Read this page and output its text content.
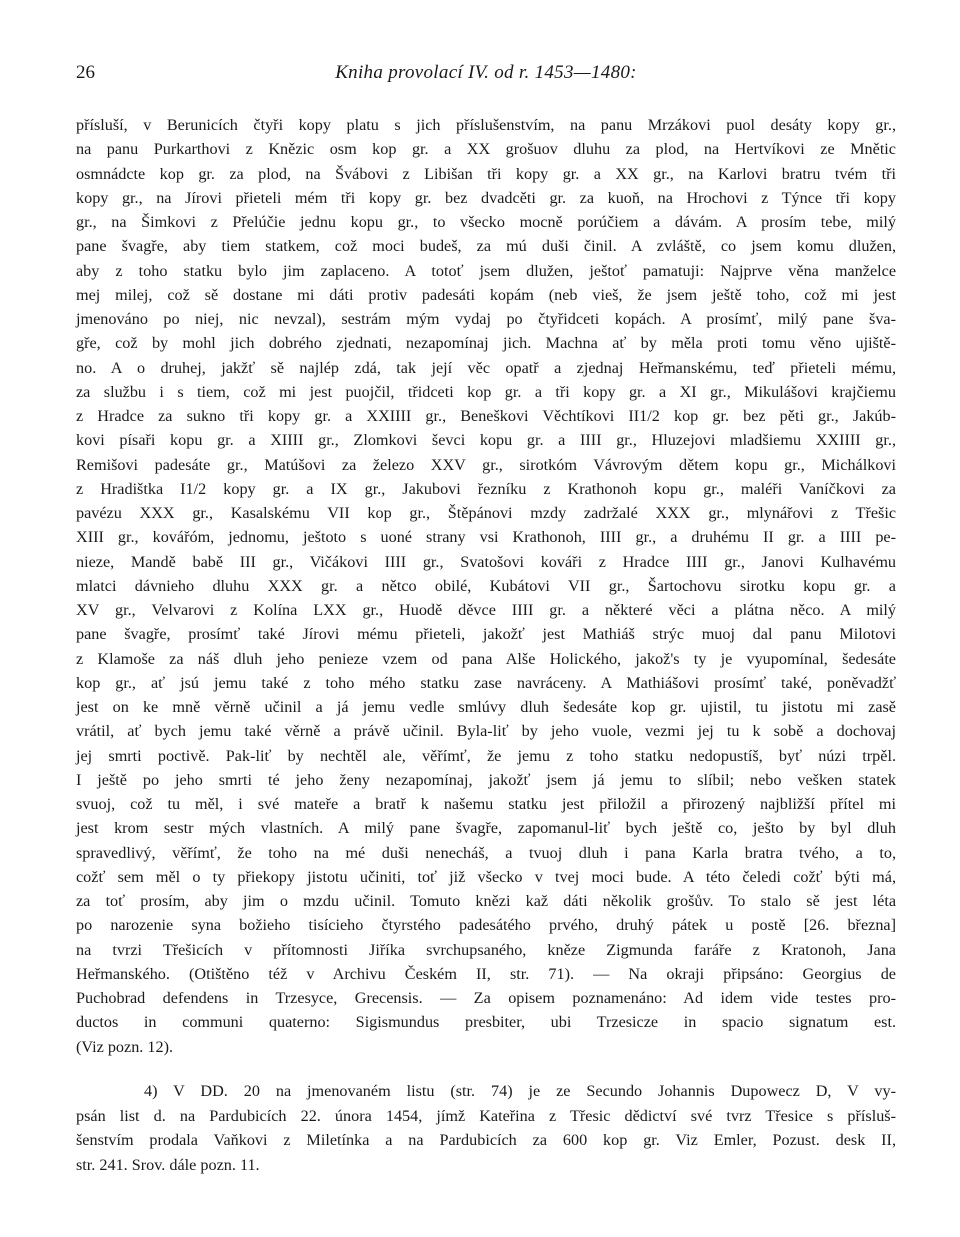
26	Kniha provolací IV. od r. 1453—1480:
přísluší, v Berunicích čtyři kopy platu s jich příslušenstvím, na panu Mrzákovi puol desáty kopy gr.,
na panu Purkarthovi z Knězic osm kop gr. a XX grošuov dluhu za plod, na Hertvíkovi ze Mnětic
osmnádcte kop gr. za plod, na Švábovi z Libišan tři kopy gr. a XX gr., na Karlovi bratru tvém tři
kopy gr., na Jírovi přieteli mém tři kopy gr. bez dvadcěti gr. za kuoň, na Hrochovi z Týnce tři kopy
gr., na Šimkovi z Přelúčie jednu kopu gr., to všecko mocně porúčiem a dávám. A prosím tebe, milý
pane švagře, aby tiem statkem, což moci budeš, za mú duši činil. A zvláště, co jsem komu dlužen,
aby z toho statku bylo jim zaplaceno. A totoť jsem dlužen, ještoť pamatuji: Najprve věna manželce
mej milej, což sě dostane mi dáti protiv padesáti kopám (neb vieš, že jsem ještě toho, což mi jest
jmenováno po niej, nic nevzal), sestrám mým vydaj po čtyřidceti kopách. A prosímť, milý pane šva-
gře, což by mohl jich dobrého zjednati, nezapomínaj jich. Machna ať by měla proti tomu věno ujiště-
no. A o druhej, jakžť sě najlép zdá, tak její věc opatř a zjednaj Heřmanskému, teď přieteli mému,
za službu i s tiem, což mi jest puojčil, třidceti kop gr. a tři kopy gr. a XI gr., Mikulášovi krajčiemu
z Hradce za sukno tři kopy gr. a XXIIII gr., Beneškovi Věchtíkovi II1/2 kop gr. bez pěti gr., Jakúb-
kovi písaři kopu gr. a XIIII gr., Zlomkovi ševci kopu gr. a IIII gr., Hluzejovi mladšiemu XXIIII gr.,
Remišovi padesáte gr., Matúšovi za železo XXV gr., sirotkóm Vávrovým dětem kopu gr., Michálkovi
z Hradištka I1/2 kopy gr. a IX gr., Jakubovi řezníku z Krathonoh kopu gr., maléři Vaníčkovi za
pavézu XXX gr., Kasalskému VII kop gr., Štěpánovi mzdy zadržalé XXX gr., mlynářovi z Třešic
XIII gr., kovářóm, jednomu, ještoto s uoné strany vsi Krathonoh, IIII gr., a druhému II gr. a IIII pe-
nieze, Mandě babě III gr., Vičákovi IIII gr., Svatošovi kováři z Hradce IIII gr., Janovi Kulhavému
mlatci dávnieho dluhu XXX gr. a nětco obilé, Kubátovi VII gr., Šartochovu sirotku kopu gr. a
XV gr., Velvarovi z Kolína LXX gr., Huodě děvce IIII gr. a některé věci a plátna něco. A milý
pane švagře, prosímť také Jírovi mému přieteli, jakožť jest Mathiáš strýc muoj dal panu Milotovi
z Klamoše za náš dluh jeho penieze vzem od pana Alše Holického, jakož's ty je vyupomínal, šedesáte
kop gr., ať jsú jemu také z toho mého statku zase navráceny. A Mathiášovi prosímť také, poněvadžť
jest on ke mně věrně učinil a já jemu vedle smlúvy dluh šedesáte kop gr. ujistil, tu jistotu mi zasě
vrátil, ať bych jemu také věrně a právě učinil. Byla-liť by jeho vuole, vezmi jej tu k sobě a dochovaj
jej smrti poctivě. Pak-liť by nechtěl ale, věřímť, že jemu z toho statku nedopustíš, byť núzi trpěl.
I ještě po jeho smrti té jeho ženy nezapomínaj, jakožť jsem já jemu to slíbil; nebo vešken statek
svuoj, což tu měl, i své mateře a bratř k našemu statku jest přiložil a přirozený najbližší přítel mi
jest krom sestr mých vlastních. A milý pane švagře, zapomanul-liť bych ještě co, ješto by byl dluh
spravedlivý, věřímť, že toho na mé duši nenecháš, a tvuoj dluh i pana Karla bratra tvého, a to,
cožť sem měl o ty přiekopy jistotu učiniti, toť již všecko v tvej moci bude. A této čeledi cožť býti má,
za toť prosím, aby jim o mzdu učinil. Tomuto knězi kaž dáti několik grošův. To stalo sě jest léta
po narozenie syna božieho tisícieho čtyrstého padesátého prvého, druhý pátek u postě [26. března]
na tvrzi Třešicích v přítomnosti Jiříka svrchupsaného, kněze Zigmunda faráře z Kratonoh, Jana
Heřmanského. (Otištěno též v Archivu Českém II, str. 71). — Na okraji připsáno: Georgius de
Puchobrad defendens in Trzesyce, Grecensis. — Za opisem poznamenáno: Ad idem vide testes pro-
ductos in communi quaterno: Sigismundus presbiter, ubi Trzesicze in spacio signatum est.
(Viz pozn. 12).
4) V DD. 20 na jmenovaném listu (str. 74) je ze Secundo Johannis Dupowecz D, V vy-
psán list d. na Pardubicích 22. února 1454, jímž Kateřina z Třesic dědictví své tvrz Třesice s přísluš-
šenstvím prodala Vaňkovi z Miletínka a na Pardubicích za 600 kop gr. Viz Emler, Pozust. desk II,
str. 241. Srov. dále pozn. 11.
